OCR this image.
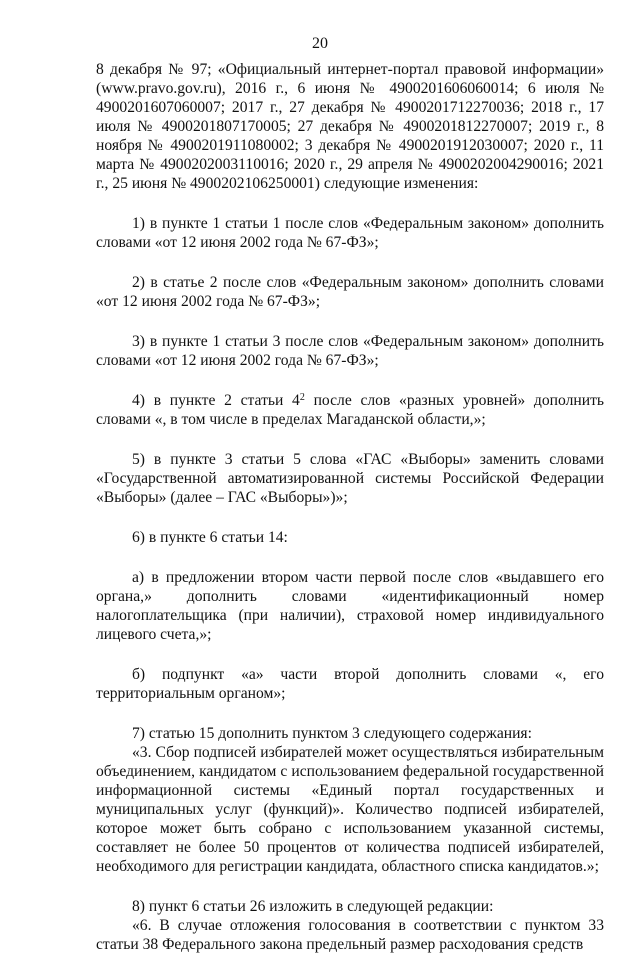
20

8 декабря № 97; «Официальный интернет-портал правовой информации» (www.pravo.gov.ru), 2016 г., 6 июня № 4900201606060014; 6 июля № 4900201607060007; 2017 г., 27 декабря № 4900201712270036; 2018 г., 17 июля № 4900201807170005; 27 декабря № 4900201812270007; 2019 г., 8 ноября № 4900201911080002; 3 декабря № 4900201912030007; 2020 г., 11 марта № 4900202003110016; 2020 г., 29 апреля № 4900202004290016; 2021 г., 25 июня № 4900202106250001) следующие изменения:

1) в пункте 1 статьи 1 после слов «Федеральным законом» дополнить словами «от 12 июня 2002 года № 67-ФЗ»;

2) в статье 2 после слов «Федеральным законом» дополнить словами «от 12 июня 2002 года № 67-ФЗ»;

3) в пункте 1 статьи 3 после слов «Федеральным законом» дополнить словами «от 12 июня 2002 года № 67-ФЗ»;

4) в пункте 2 статьи $4^2$ после слов «разных уровней» дополнить словами «, в том числе в пределах Магаданской области,»;

5) в пункте 3 статьи 5 слова «ГАС «Выборы» заменить словами «Государственной автоматизированной системы Российской Федерации «Выборы» (далее – ГАС «Выборы»)»;

6) в пункте 6 статьи 14:

а) в предложении втором части первой после слов «выдавшего его органа,» дополнить словами «идентификационный номер налогоплательщика (при наличии), страховой номер индивидуального лицевого счета,»;

б) подпункт «а» части второй дополнить словами «, его территориальным органом»;

7) статью 15 дополнить пунктом 3 следующего содержания:

«3. Сбор подписей избирателей может осуществляться избирательным объединением, кандидатом с использованием федеральной государственной информационной системы «Единый портал государственных и муниципальных услуг (функций)». Количество подписей избирателей, которое может быть собрано с использованием указанной системы, составляет не более 50 процентов от количества подписей избирателей, необходимого для регистрации кандидата, областного списка кандидатов.»;

8) пункт 6 статьи 26 изложить в следующей редакции:

«6. В случае отложения голосования в соответствии с пунктом 33 статьи 38 Федерального закона предельный размер расходования средств
